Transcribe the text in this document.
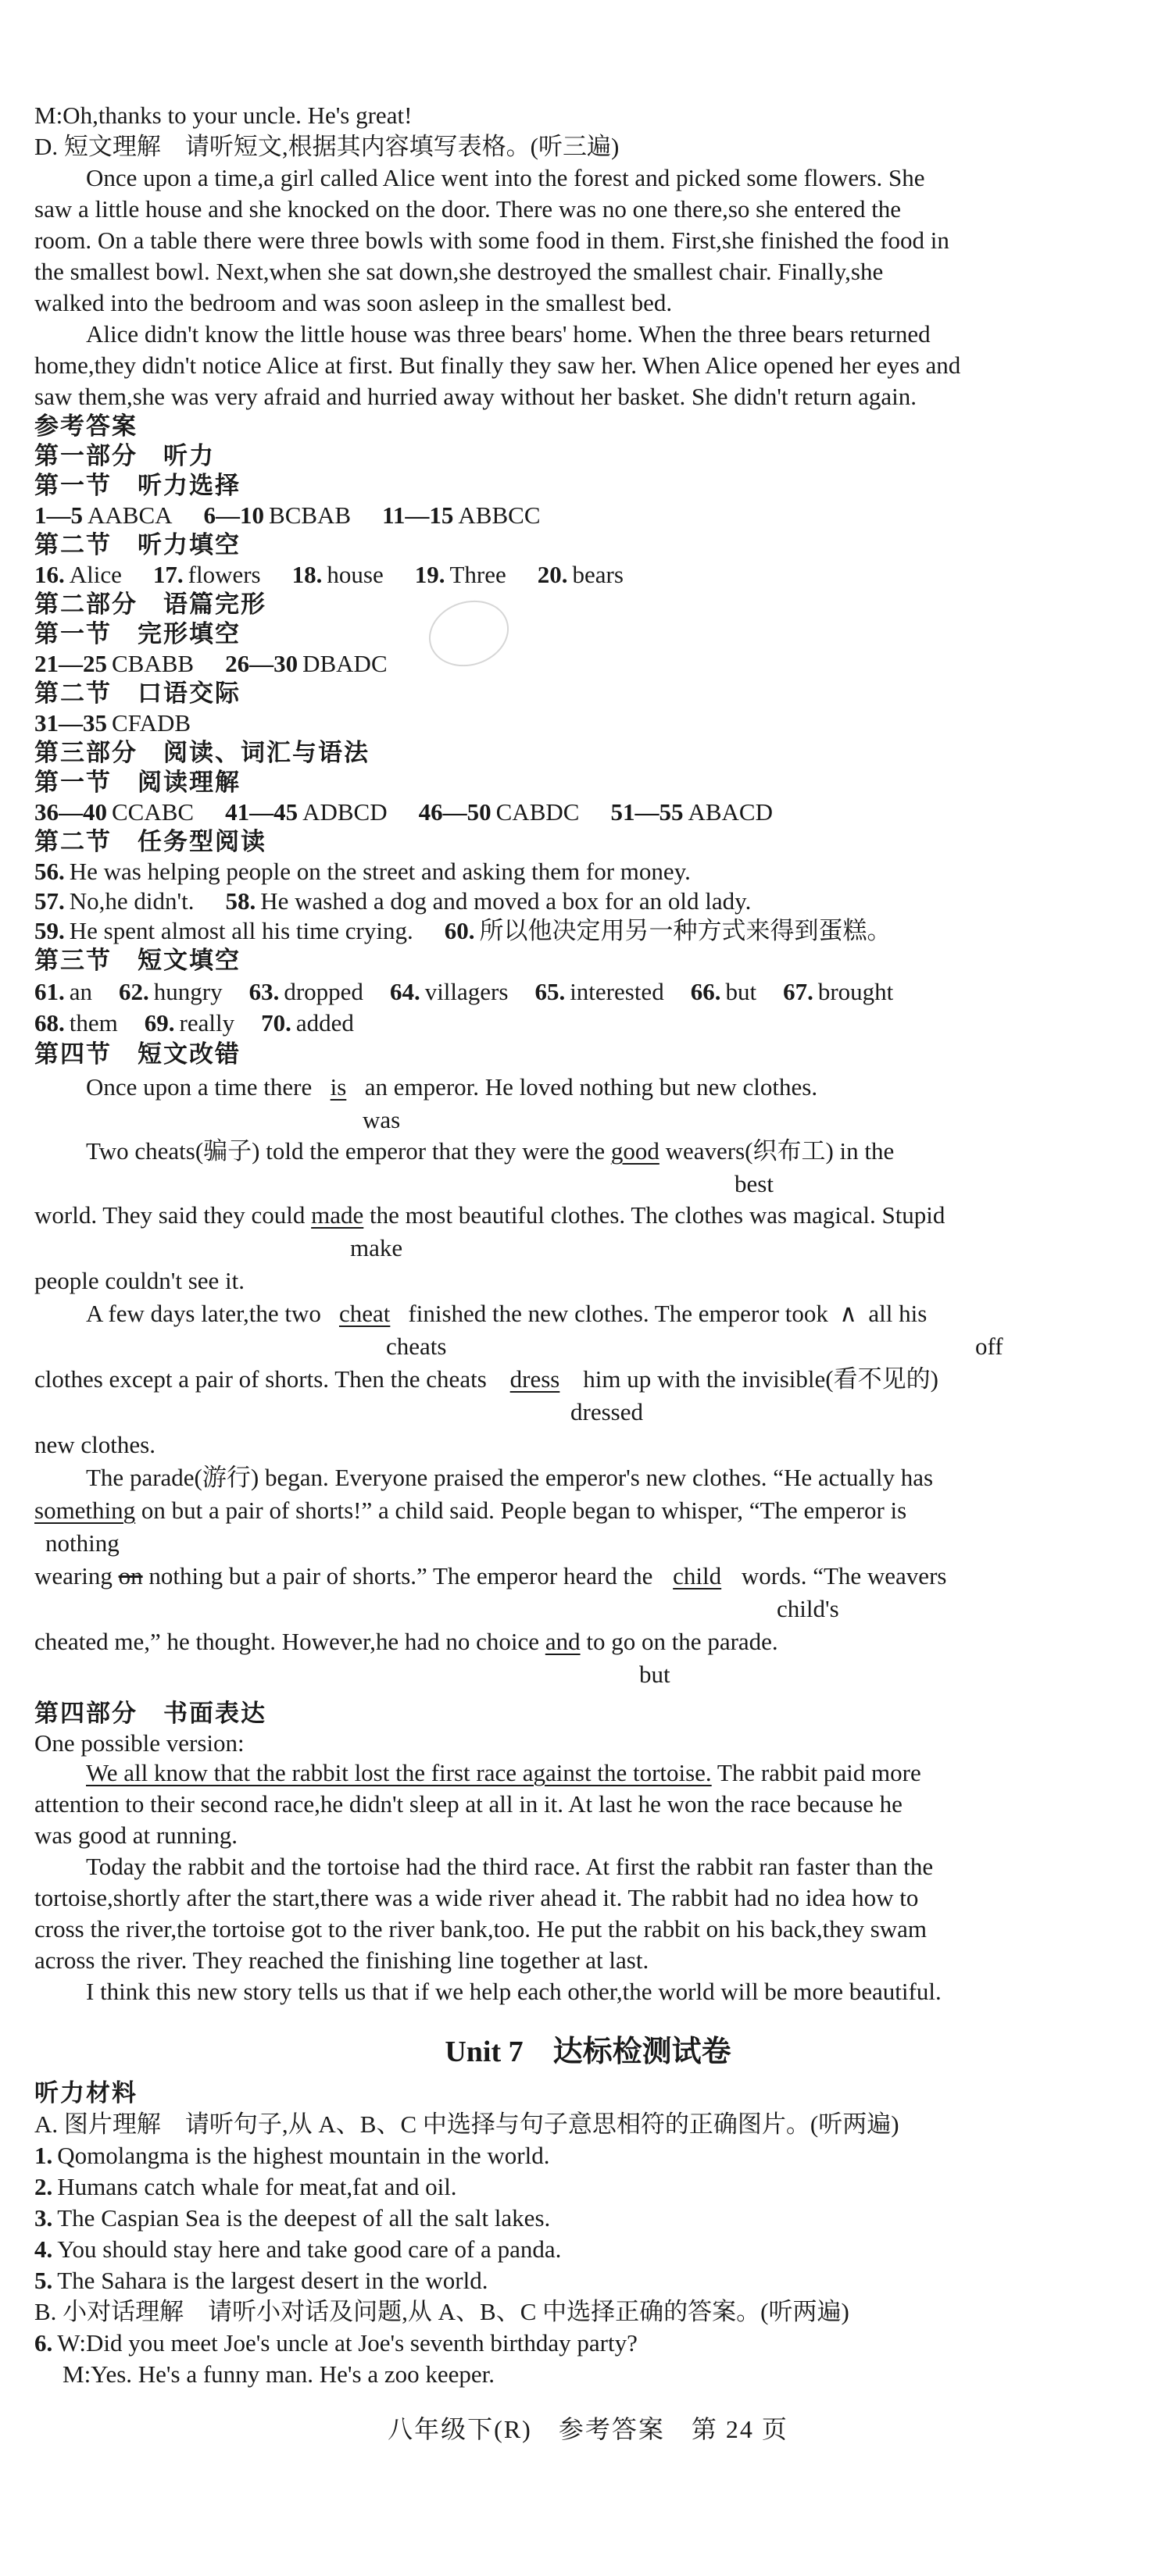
M:Oh,thanks to your uncle. He's great!
D. 短文理解　请听短文,根据其内容填写表格。(听三遍)
Once upon a time,a girl called Alice went into the forest and picked some flowers. She
saw a little house and she knocked on the door. There was no one there,so she entered the
room. On a table there were three bowls with some food in them. First,she finished the food in
the smallest bowl. Next,when she sat down,she destroyed the smallest chair. Finally,she
walked into the bedroom and was soon asleep in the smallest bed.
Alice didn't know the little house was three bears' home. When the three bears returned
home,they didn't notice Alice at first. But finally they saw her. When Alice opened her eyes and
saw them,she was very afraid and hurried away without her basket. She didn't return again.
参考答案
第一部分　听力
第一节　听力选择
1—5 AABCA 6—10 BCBAB 11—15 ABBCC
第二节　听力填空
16. Alice 17. flowers 18. house 19. Three 20. bears
第二部分　语篇完形
第一节　完形填空
21—25 CBABB 26—30 DBADC
第二节　口语交际
31—35 CFADB
第三部分　阅读、词汇与语法
第一节　阅读理解
36—40 CCABC 41—45 ADBCD 46—50 CABDC 51—55 ABACD
第二节　任务型阅读
56. He was helping people on the street and asking them for money.
57. No,he didn't. 58. He washed a dog and moved a box for an old lady.
59. He spent almost all his time crying. 60. 所以他决定用另一种方式来得到蛋糕。
第三节　短文填空
61. an 62. hungry 63. dropped 64. villagers 65. interested 66. but 67. brought
68. them 69. really 70. added
第四节　短文改错
Once upon a time there is an emperor. He loved nothing but new clothes.
was
Two cheats(骗子) told the emperor that they were the good weavers(织布工) in the
best
world. They said they could made the most beautiful clothes. The clothes was magical. Stupid
make
people couldn't see it.
A few days later,the two cheat finished the new clothes. The emperor took ∧ all his
cheats	off
clothes except a pair of shorts. Then the cheats dress him up with the invisible(看不见的)
dressed
new clothes.
The parade(游行) began. Everyone praised the emperor's new clothes. “He actually has
something on but a pair of shorts!” a child said. People began to whisper, “The emperor is
nothing
wearing on nothing but a pair of shorts.” The emperor heard the child words. “The weavers
child's
cheated me,” he thought. However,he had no choice and to go on the parade.
but
第四部分　书面表达
One possible version:
We all know that the rabbit lost the first race against the tortoise. The rabbit paid more
attention to their second race,he didn't sleep at all in it. At last he won the race because he
was good at running.
Today the rabbit and the tortoise had the third race. At first the rabbit ran faster than the
tortoise,shortly after the start,there was a wide river ahead it. The rabbit had no idea how to
cross the river,the tortoise got to the river bank,too. He put the rabbit on his back,they swam
across the river. They reached the finishing line together at last.
I think this new story tells us that if we help each other,the world will be more beautiful.
Unit 7　达标检测试卷
听力材料
A. 图片理解　请听句子,从 A、B、C 中选择与句子意思相符的正确图片。(听两遍)
1. Qomolangma is the highest mountain in the world.
2. Humans catch whale for meat,fat and oil.
3. The Caspian Sea is the deepest of all the salt lakes.
4. You should stay here and take good care of a panda.
5. The Sahara is the largest desert in the world.
B. 小对话理解　请听小对话及问题,从 A、B、C 中选择正确的答案。(听两遍)
6. W:Did you meet Joe's uncle at Joe's seventh birthday party?
M:Yes. He's a funny man. He's a zoo keeper.
八年级下(R)　参考答案　第 24 页
